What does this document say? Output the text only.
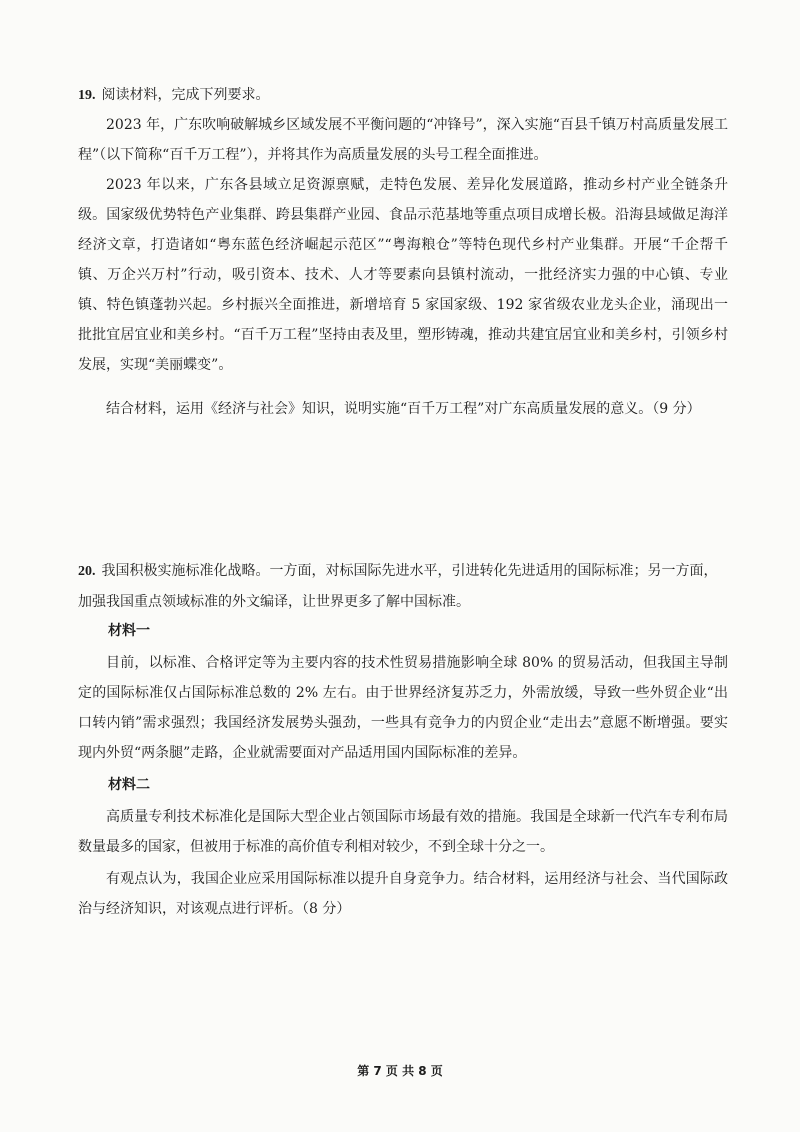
19. 阅读材料，完成下列要求。

2023 年，广东吹响破解城乡区域发展不平衡问题的“冲锋号”，深入实施“百县千镇万村高质量发展工程”（以下简称“百千万工程”），并将其作为高质量发展的头号工程全面推进。

2023 年以来，广东各县域立足资源禀赋，走特色发展、差异化发展道路，推动乡村产业全链条升级。国家级优势特色产业集群、跨县集群产业园、食品示范基地等重点项目成增长极。沿海县域做足海洋经济文章，打造诸如“粤东蓝色经济崛起示范区”“粤海粮仓”等特色现代乡村产业集群。开展“千企帮千镇、万企兴万村”行动，吸引资本、技术、人才等要素向县镇村流动，一批经济实力强的中心镇、专业镇、特色镇蓬勃兴起。乡村振兴全面推进，新增培育 5 家国家级、192 家省级农业龙头企业，涌现出一批批宜居宜业和美乡村。“百千万工程”坚持由表及里，塑形铸魂，推动共建宜居宜业和美乡村，引领乡村发展，实现“美丽蝶变”。

结合材料，运用《经济与社会》知识，说明实施“百千万工程”对广东高质量发展的意义。（9 分）

20. 我国积极实施标准化战略。一方面，对标国际先进水平，引进转化先进适用的国际标准；另一方面，加强我国重点领域标准的外文编译，让世界更多了解中国标准。
材料一

目前，以标准、合格评定等为主要内容的技术性贸易措施影响全球 80% 的贸易活动，但我国主导制定的国际标准仅占国际标准总数的 2% 左右。由于世界经济复苏乏力，外需放缓，导致一些外贸企业“出口转内销”需求强烈；我国经济发展势头强劲，一些具有竞争力的内贸企业“走出去”意愿不断增强。要实现内外贸“两条腿”走路，企业就需要面对产品适用国内国际标准的差异。

材料二

高质量专利技术标准化是国际大型企业占领国际市场最有效的措施。我国是全球新一代汽车专利布局数量最多的国家，但被用于标准的高价值专利相对较少，不到全球十分之一。

有观点认为，我国企业应采用国际标准以提升自身竞争力。结合材料，运用经济与社会、当代国际政治与经济知识，对该观点进行评析。（8 分）

第 7 页 共 8 页
